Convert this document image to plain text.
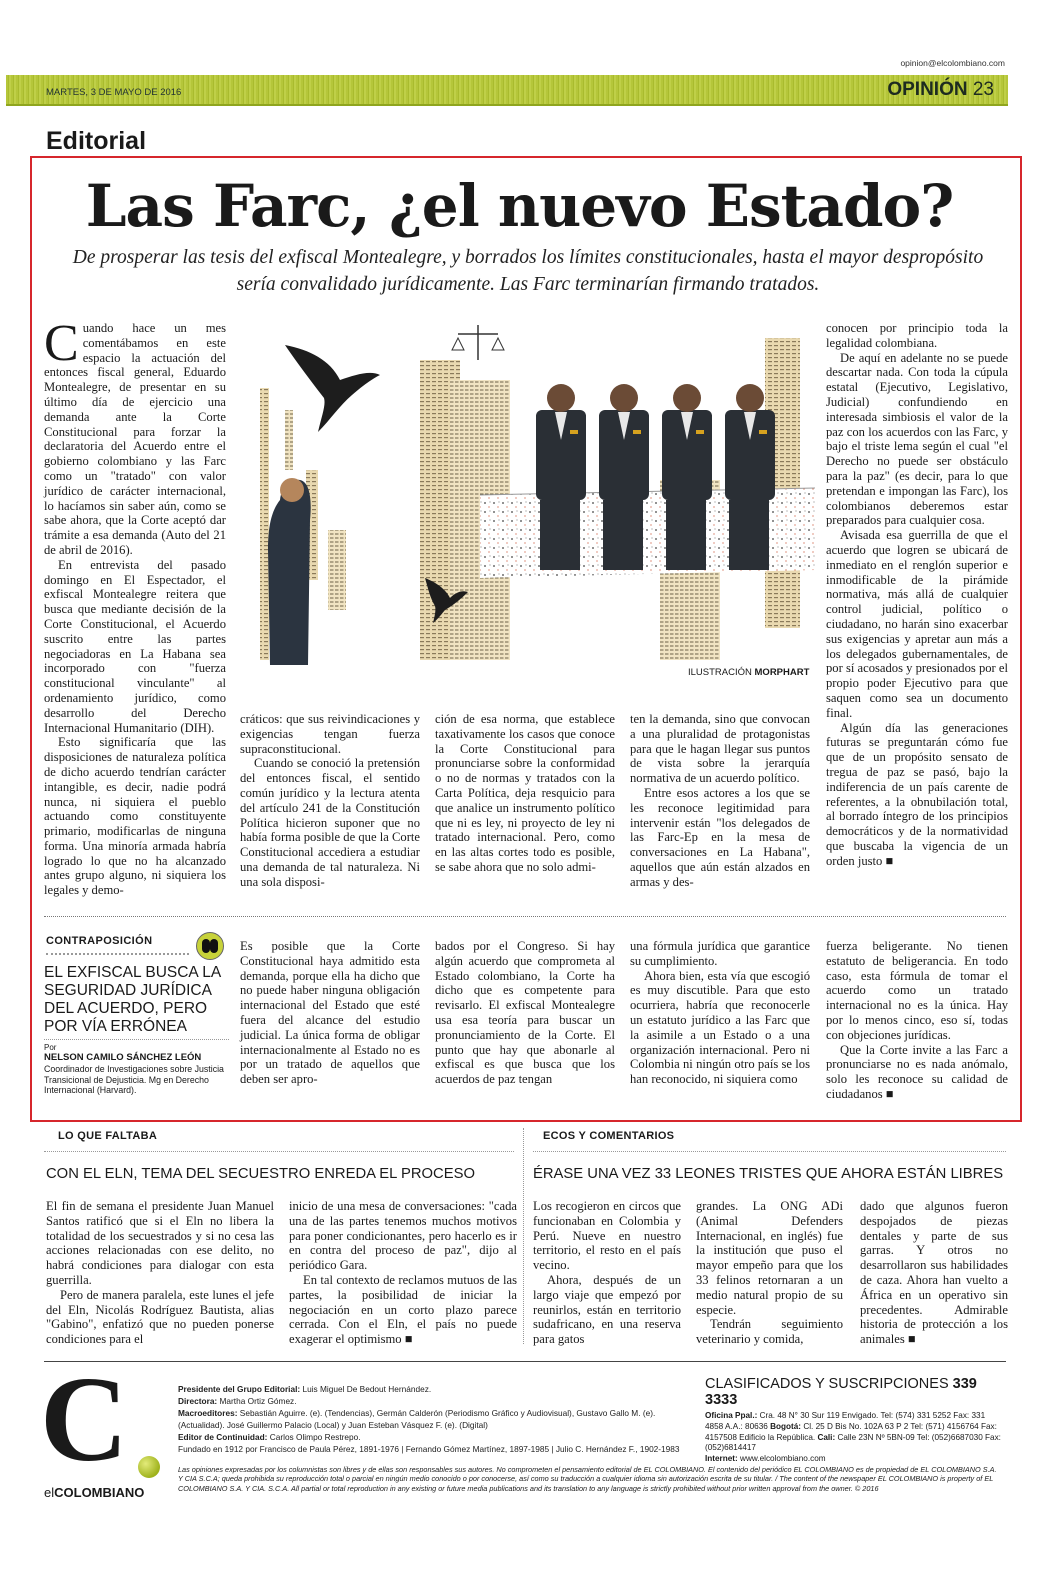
opinion@elcolombiano.com
MARTES, 3 DE MAYO DE 2016	OPINIÓN 23
Editorial
Las Farc, ¿el nuevo Estado?
De prosperar las tesis del exfiscal Montealegre, y borrados los límites constitucionales, hasta el mayor despropósito sería convalidado jurídicamente. Las Farc terminarían firmando tratados.

Cuando hace un mes comentábamos en este espacio la actuación del entonces fiscal general, Eduardo Montealegre, de presentar en su último día de ejercicio una demanda ante la Corte Constitucional para forzar la declaratoria del Acuerdo entre el gobierno colombiano y las Farc como un "tratado" con valor jurídico de carácter internacional, lo hacíamos sin saber aún, como se sabe ahora, que la Corte aceptó dar trámite a esa demanda (Auto del 21 de abril de 2016).

En entrevista del pasado domingo en El Espectador, el exfiscal Montealegre reitera que busca que mediante decisión de la Corte Constitucional, el Acuerdo suscrito entre las partes negociadoras en La Habana sea incorporado con "fuerza constitucional vinculante" al ordenamiento jurídico, como desarrollo del Derecho Internacional Humanitario (DIH).

Esto significaría que las disposiciones de naturaleza política de dicho acuerdo tendrían carácter intangible, es decir, nadie podrá nunca, ni siquiera el pueblo actuando como constituyente primario, modificarlas de ninguna forma. Una minoría armada habría logrado lo que no ha alcanzado antes grupo alguno, ni siquiera los legales y demo-

ILUSTRACIÓN MORPHART

cráticos: que sus reivindicaciones y exigencias tengan fuerza supraconstitucional.

Cuando se conoció la pretensión del entonces fiscal, el sentido común jurídico y la lectura atenta del artículo 241 de la Constitución Política hicieron suponer que no había forma posible de que la Corte Constitucional accediera a estudiar una demanda de tal naturaleza. Ni una sola disposi-

ción de esa norma, que establece taxativamente los casos que conoce la Corte Constitucional para pronunciarse sobre la conformidad o no de normas y tratados con la Carta Política, deja resquicio para que analice un instrumento político que ni es ley, ni proyecto de ley ni tratado internacional. Pero, como en las altas cortes todo es posible, se sabe ahora que no solo admi-

ten la demanda, sino que convocan a una pluralidad de protagonistas para que le hagan llegar sus puntos de vista sobre la jerarquía normativa de un acuerdo político.

Entre esos actores a los que se les reconoce legitimidad para intervenir están "los delegados de las Farc-Ep en la mesa de conversaciones en La Habana", aquellos que aún están alzados en armas y des-

conocen por principio toda la legalidad colombiana.

De aquí en adelante no se puede descartar nada. Con toda la cúpula estatal (Ejecutivo, Legislativo, Judicial) confundiendo en interesada simbiosis el valor de la paz con los acuerdos con las Farc, y bajo el triste lema según el cual "el Derecho no puede ser obstáculo para la paz" (es decir, para lo que pretendan e impongan las Farc), los colombianos deberemos estar preparados para cualquier cosa.

Avisada esa guerrilla de que el acuerdo que logren se ubicará de inmediato en el renglón superior e inmodificable de la pirámide normativa, más allá de cualquier control judicial, político o ciudadano, no harán sino exacerbar sus exigencias y apretar aun más a los delegados gubernamentales, de por sí acosados y presionados por el propio poder Ejecutivo para que saquen como sea un documento final.

Algún día las generaciones futuras se preguntarán cómo fue que de un propósito sensato de tregua de paz se pasó, bajo la indiferencia de un país carente de referentes, a la obnubilación total, al borrado íntegro de los principios democráticos y de la normatividad que buscaba la vigencia de un orden justo ■

CONTRAPOSICIÓN
EL EXFISCAL BUSCA LA SEGURIDAD JURÍDICA DEL ACUERDO, PERO POR VÍA ERRÓNEA
Por
NELSON CAMILO SÁNCHEZ LEÓN
Coordinador de Investigaciones sobre Justicia Transicional de Dejusticia. Mg en Derecho Internacional (Harvard).

Es posible que la Corte Constitucional haya admitido esta demanda, porque ella ha dicho que no puede haber ninguna obligación internacional del Estado que esté fuera del alcance del estudio judicial. La única forma de obligar internacionalmente al Estado no es por un tratado de aquellos que deben ser apro-

bados por el Congreso. Si hay algún acuerdo que comprometa al Estado colombiano, la Corte ha dicho que es competente para revisarlo. El exfiscal Montealegre usa esa teoría para buscar un pronunciamiento de la Corte. El punto que hay que abonarle al exfiscal es que busca que los acuerdos de paz tengan

una fórmula jurídica que garantice su cumplimiento.

Ahora bien, esta vía que escogió es muy discutible. Para que esto ocurriera, habría que reconocerle un estatuto jurídico a las Farc que la asimile a un Estado o a una organización internacional. Pero ni Colombia ni ningún otro país se los han reconocido, ni siquiera como

fuerza beligerante. No tienen estatuto de beligerancia. En todo caso, esta fórmula de tomar el acuerdo como un tratado internacional no es la única. Hay por lo menos cinco, eso sí, todas con objeciones jurídicas.

Que la Corte invite a las Farc a pronunciarse no es nada anómalo, solo les reconoce su calidad de ciudadanos ■

LO QUE FALTABA	ECOS Y COMENTARIOS
CON EL ELN, TEMA DEL SECUESTRO ENREDA EL PROCESO	ÉRASE UNA VEZ 33 LEONES TRISTES QUE AHORA ESTÁN LIBRES

El fin de semana el presidente Juan Manuel Santos ratificó que si el Eln no libera la totalidad de los secuestrados y si no cesa las acciones relacionadas con ese delito, no habrá condiciones para dialogar con esta guerrilla.

Pero de manera paralela, este lunes el jefe del Eln, Nicolás Rodríguez Bautista, alias "Gabino", enfatizó que no pueden ponerse condiciones para el

inicio de una mesa de conversaciones: "cada una de las partes tenemos muchos motivos para poner condicionantes, pero hacerlo es ir en contra del proceso de paz", dijo al periódico Gara.

En tal contexto de reclamos mutuos de las partes, la posibilidad de iniciar la negociación en un corto plazo parece cerrada. Con el Eln, el país no puede exagerar el optimismo ■

Los recogieron en circos que funcionaban en Colombia y Perú. Nueve en nuestro territorio, el resto en el país vecino.

Ahora, después de un largo viaje que empezó por reunirlos, están en territorio sudafricano, en una reserva para gatos

grandes. La ONG ADi (Animal Defenders Internacional, en inglés) fue la institución que puso el mayor empeño para que los 33 felinos retornaran a un medio natural propio de su especie.

Tendrán seguimiento veterinario y comida,

dado que algunos fueron despojados de piezas dentales y parte de sus garras. Y otros no desarrollaron sus habilidades de caza. Ahora han vuelto a África en un operativo sin precedentes. Admirable historia de protección a los animales ■

C
elCOLOMBIANO
Presidente del Grupo Editorial: Luis Miguel De Bedout Hernández.
Directora: Martha Ortiz Gómez.
Macroeditores: Sebastián Aguirre. (e). (Tendencias), Germán Calderón (Periodismo Gráfico y Audiovisual), Gustavo Gallo M. (e). (Actualidad). José Guillermo Palacio (Local) y Juan Esteban Vásquez F. (e). (Digital)
Editor de Continuidad: Carlos Olimpo Restrepo.
Fundado en 1912 por Francisco de Paula Pérez, 1891-1976 | Fernando Gómez Martínez, 1897-1985 | Julio C. Hernández F., 1902-1983
CLASIFICADOS Y SUSCRIPCIONES 339 3333
Oficina Ppal.: Cra. 48 N° 30 Sur 119 Envigado. Tel: (574) 331 5252 Fax: 331 4858 A.A.: 80636 Bogotá: Cl. 25 D Bis No. 102A 63 P 2 Tel: (571) 4156764 Fax: 4157508 Edificio la República. Cali: Calle 23N Nº 5BN-09 Tel: (052)6687030 Fax: (052)6814417
Internet: www.elcolombiano.com
Las opiniones expresadas por los columnistas son libres y de ellas son responsables sus autores. No comprometen el pensamiento editorial de EL COLOMBIANO. El contenido del periódico EL COLOMBIANO es de propiedad de EL COLOMBIANO S.A. Y CIA S.C.A; queda prohibida su reproducción total o parcial en ningún medio conocido o por conocerse, así como su traducción a cualquier idioma sin autorización escrita de su titular. / The content of the newspaper EL COLOMBIANO is property of EL COLOMBIANO S.A. Y CIA. S.C.A. All partial or total reproduction in any existing or future media publications and its translation to any language is strictly prohibited without prior written approval from the owner. © 2016
